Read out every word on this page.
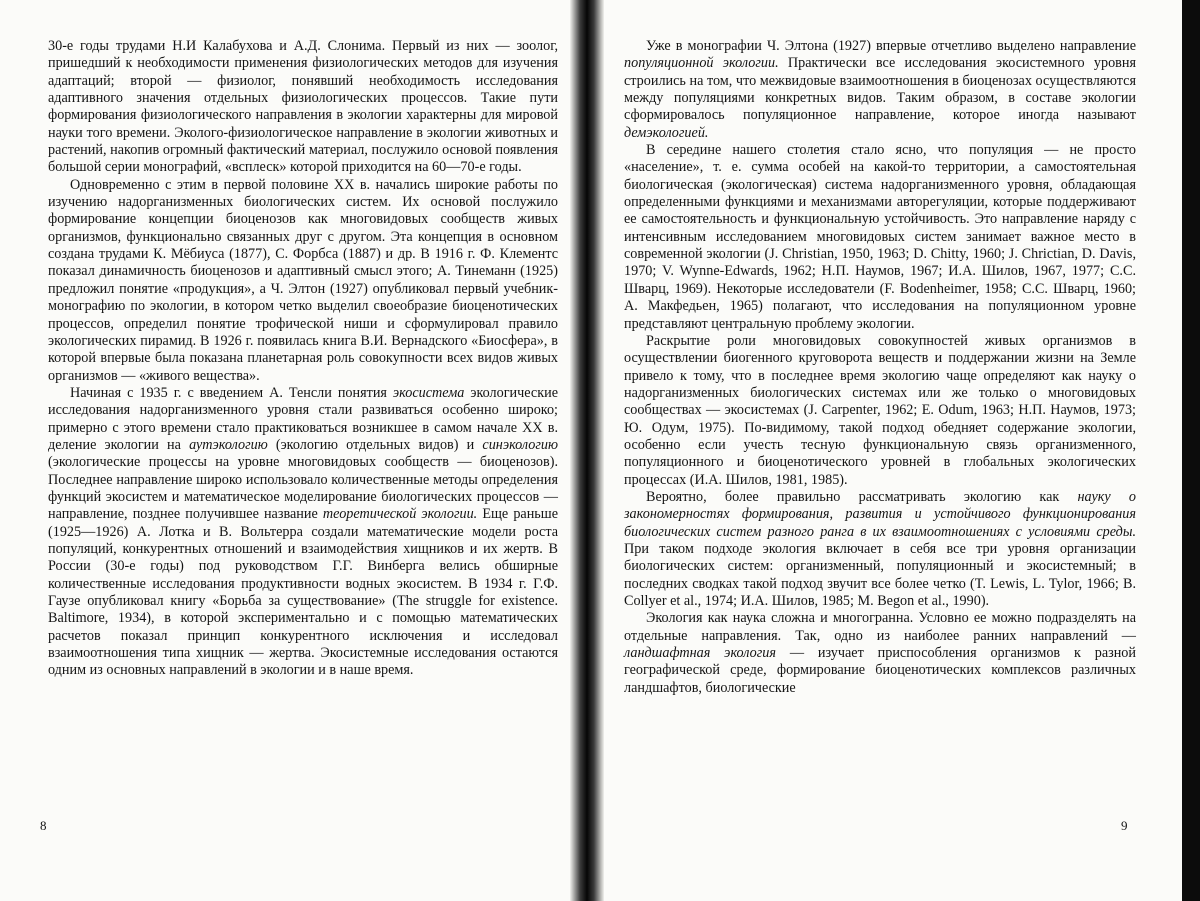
30-е годы трудами Н.И Калабухова и А.Д. Слонима. Первый из них — зоолог, пришедший к необходимости применения физиологических методов для изучения адаптаций; второй — физиолог, понявший необходимость исследования адаптивного значения отдельных физиологических процессов. Такие пути формирования физиологического направления в экологии характерны для мировой науки того времени. Эколого-физиологическое направление в экологии животных и растений, накопив огромный фактический материал, послужило основой появления большой серии монографий, «всплеск» которой приходится на 60—70-е годы.

Одновременно с этим в первой половине XX в. начались широкие работы по изучению надорганизменных биологических систем. Их основой послужило формирование концепции биоценозов как многовидовых сообществ живых организмов, функционально связанных друг с другом. Эта концепция в основном создана трудами К. Мёбиуса (1877), С. Форбса (1887) и др. В 1916 г. Ф. Клементс показал динамичность биоценозов и адаптивный смысл этого; А. Тинеманн (1925) предложил понятие «продукция», а Ч. Элтон (1927) опубликовал первый учебник-монографию по экологии, в котором четко выделил своеобразие биоценотических процессов, определил понятие трофической ниши и сформулировал правило экологических пирамид. В 1926 г. появилась книга В.И. Вернадского «Биосфера», в которой впервые была показана планетарная роль совокупности всех видов живых организмов — «живого вещества».

Начиная с 1935 г. с введением А. Тенсли понятия экосистема экологические исследования надорганизменного уровня стали развиваться особенно широко; примерно с этого времени стало практиковаться возникшее в самом начале XX в. деление экологии на аутэкологию (экологию отдельных видов) и синэкологию (экологические процессы на уровне многовидовых сообществ — биоценозов). Последнее направление широко использовало количественные методы определения функций экосистем и математическое моделирование биологических процессов — направление, позднее получившее название теоретической экологии. Еще раньше (1925—1926) А. Лотка и В. Вольтерра создали математические модели роста популяций, конкурентных отношений и взаимодействия хищников и их жертв. В России (30-е годы) под руководством Г.Г. Винберга велись обширные количественные исследования продуктивности водных экосистем. В 1934 г. Г.Ф. Гаузе опубликовал книгу «Борьба за существование» (The struggle for existence. Baltimore, 1934), в которой экспериментально и с помощью математических расчетов показал принцип конкурентного исключения и исследовал взаимоотношения типа хищник — жертва. Экосистемные исследования остаются одним из основных направлений в экологии и в наше время.

8

Уже в монографии Ч. Элтона (1927) впервые отчетливо выделено направление популяционной экологии. Практически все исследования экосистемного уровня строились на том, что межвидовые взаимоотношения в биоценозах осуществляются между популяциями конкретных видов. Таким образом, в составе экологии сформировалось популяционное направление, которое иногда называют демэкологией.

В середине нашего столетия стало ясно, что популяция — не просто «население», т. е. сумма особей на какой-то территории, а самостоятельная биологическая (экологическая) система надорганизменного уровня, обладающая определенными функциями и механизмами авторегуляции, которые поддерживают ее самостоятельность и функциональную устойчивость. Это направление наряду с интенсивным исследованием многовидовых систем занимает важное место в современной экологии (J. Christian, 1950, 1963; D. Chitty, 1960; J. Chrictian, D. Davis, 1970; V. Wynne-Edwards, 1962; Н.П. Наумов, 1967; И.А. Шилов, 1967, 1977; С.С. Шварц, 1969). Некоторые исследователи (F. Bodenheimer, 1958; С.С. Шварц, 1960; А. Макфедьен, 1965) полагают, что исследования на популяционном уровне представляют центральную проблему экологии.

Раскрытие роли многовидовых совокупностей живых организмов в осуществлении биогенного круговорота веществ и поддержании жизни на Земле привело к тому, что в последнее время экологию чаще определяют как науку о надорганизменных биологических системах или же только о многовидовых сообществах — экосистемах (J. Carpenter, 1962; E. Odum, 1963; Н.П. Наумов, 1973; Ю. Одум, 1975). По-видимому, такой подход обедняет содержание экологии, особенно если учесть тесную функциональную связь организменного, популяционного и биоценотического уровней в глобальных экологических процессах (И.А. Шилов, 1981, 1985).

Вероятно, более правильно рассматривать экологию как науку о закономерностях формирования, развития и устойчивого функционирования биологических систем разного ранга в их взаимоотношениях с условиями среды. При таком подходе экология включает в себя все три уровня организации биологических систем: организменный, популяционный и экосистемный; в последних сводках такой подход звучит все более четко (T. Lewis, L. Tylor, 1966; B. Collyer et al., 1974; И.А. Шилов, 1985; M. Begon et al., 1990).

Экология как наука сложна и многогранна. Условно ее можно подразделять на отдельные направления. Так, одно из наиболее ранних направлений — ландшафтная экология — изучает приспособления организмов к разной географической среде, формирование биоценотических комплексов различных ландшафтов, биологические

9
